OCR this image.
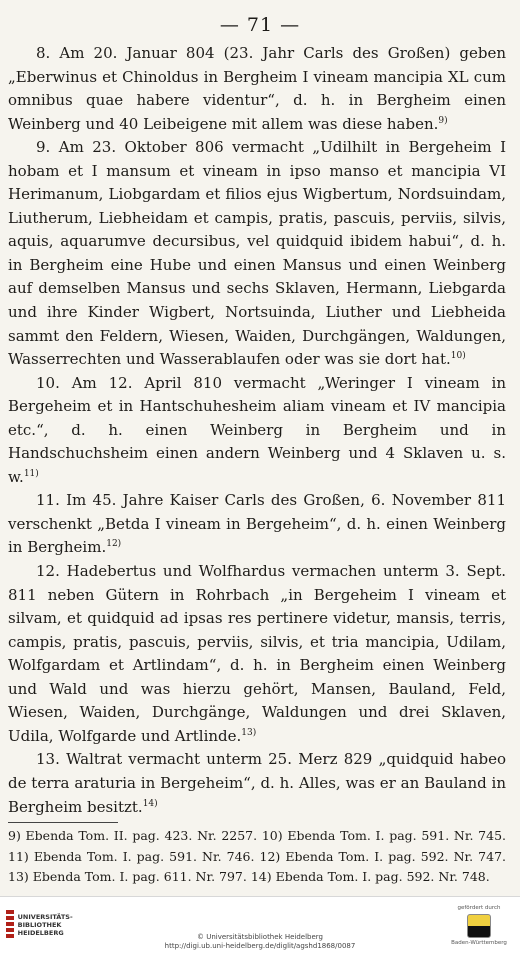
— 71 —

8. Am 20. Januar 804 (23. Jahr Carls des Großen) geben „Eberwinus et Chinoldus in Bergheim I vineam mancipia XL cum omnibus quae habere videntur“, d. h. in Bergheim einen Weinberg und 40 Leibeigene mit allem was diese haben.$^{9)}$

9. Am 23. Oktober 806 vermacht „Udilhilt in Bergeheim I hobam et I mansum et vineam in ipso manso et mancipia VI Herimanum, Liobgardam et filios ejus Wigbertum, Nordsuindam, Liutherum, Liebheidam et campis, pratis, pascuis, perviis, silvis, aquis, aquarumve decursibus, vel quidquid ibidem habui“, d. h. in Bergheim eine Hube und einen Mansus und einen Weinberg auf demselben Mansus und sechs Sklaven, Hermann, Liebgarda und ihre Kinder Wigbert, Nortsuinda, Liuther und Liebheida sammt den Feldern, Wiesen, Waiden, Durchgängen, Waldungen, Wasserrechten und Wasserablaufen oder was sie dort hat.$^{10)}$

10. Am 12. April 810 vermacht „Weringer I vineam in Bergeheim et in Hantschuhesheim aliam vineam et IV mancipia etc.“, d. h. einen Weinberg in Bergheim und in Handschuchsheim einen andern Weinberg und 4 Sklaven u. s. w.$^{11)}$

11. Im 45. Jahre Kaiser Carls des Großen, 6. November 811 verschenkt „Betda I vineam in Bergeheim“, d. h. einen Weinberg in Bergheim.$^{12)}$

12. Hadebertus und Wolfhardus vermachen unterm 3. Sept. 811 neben Gütern in Rohrbach „in Bergeheim I vineam et silvam, et quidquid ad ipsas res pertinere videtur, mansis, terris, campis, pratis, pascuis, perviis, silvis, et tria mancipia, Udilam, Wolfgardam et Artlindam“, d. h. in Bergheim einen Weinberg und Wald und was hierzu gehört, Mansen, Bauland, Feld, Wiesen, Waiden, Durchgänge, Waldungen und drei Sklaven, Udila, Wolfgarde und Artlinde.$^{13)}$

13. Waltrat vermacht unterm 25. Merz 829 „quidquid habeo de terra araturia in Bergeheim“, d. h. Alles, was er an Bauland in Bergheim besitzt.$^{14)}$

9) Ebenda Tom. II. pag. 423. Nr. 2257. 10) Ebenda Tom. I. pag. 591. Nr. 745. 11) Ebenda Tom. I. pag. 591. Nr. 746. 12) Ebenda Tom. I. pag. 592. Nr. 747. 13) Ebenda Tom. I. pag. 611. Nr. 797. 14) Ebenda Tom. I. pag. 592. Nr. 748.
UNIVERSITÄTS-BIBLIOTHEK HEIDELBERG	© Universitätsbibliothek Heidelberg
http://digi.ub.uni-heidelberg.de/diglit/agshd1868/0087
gefördert durch
Baden-Württemberg
